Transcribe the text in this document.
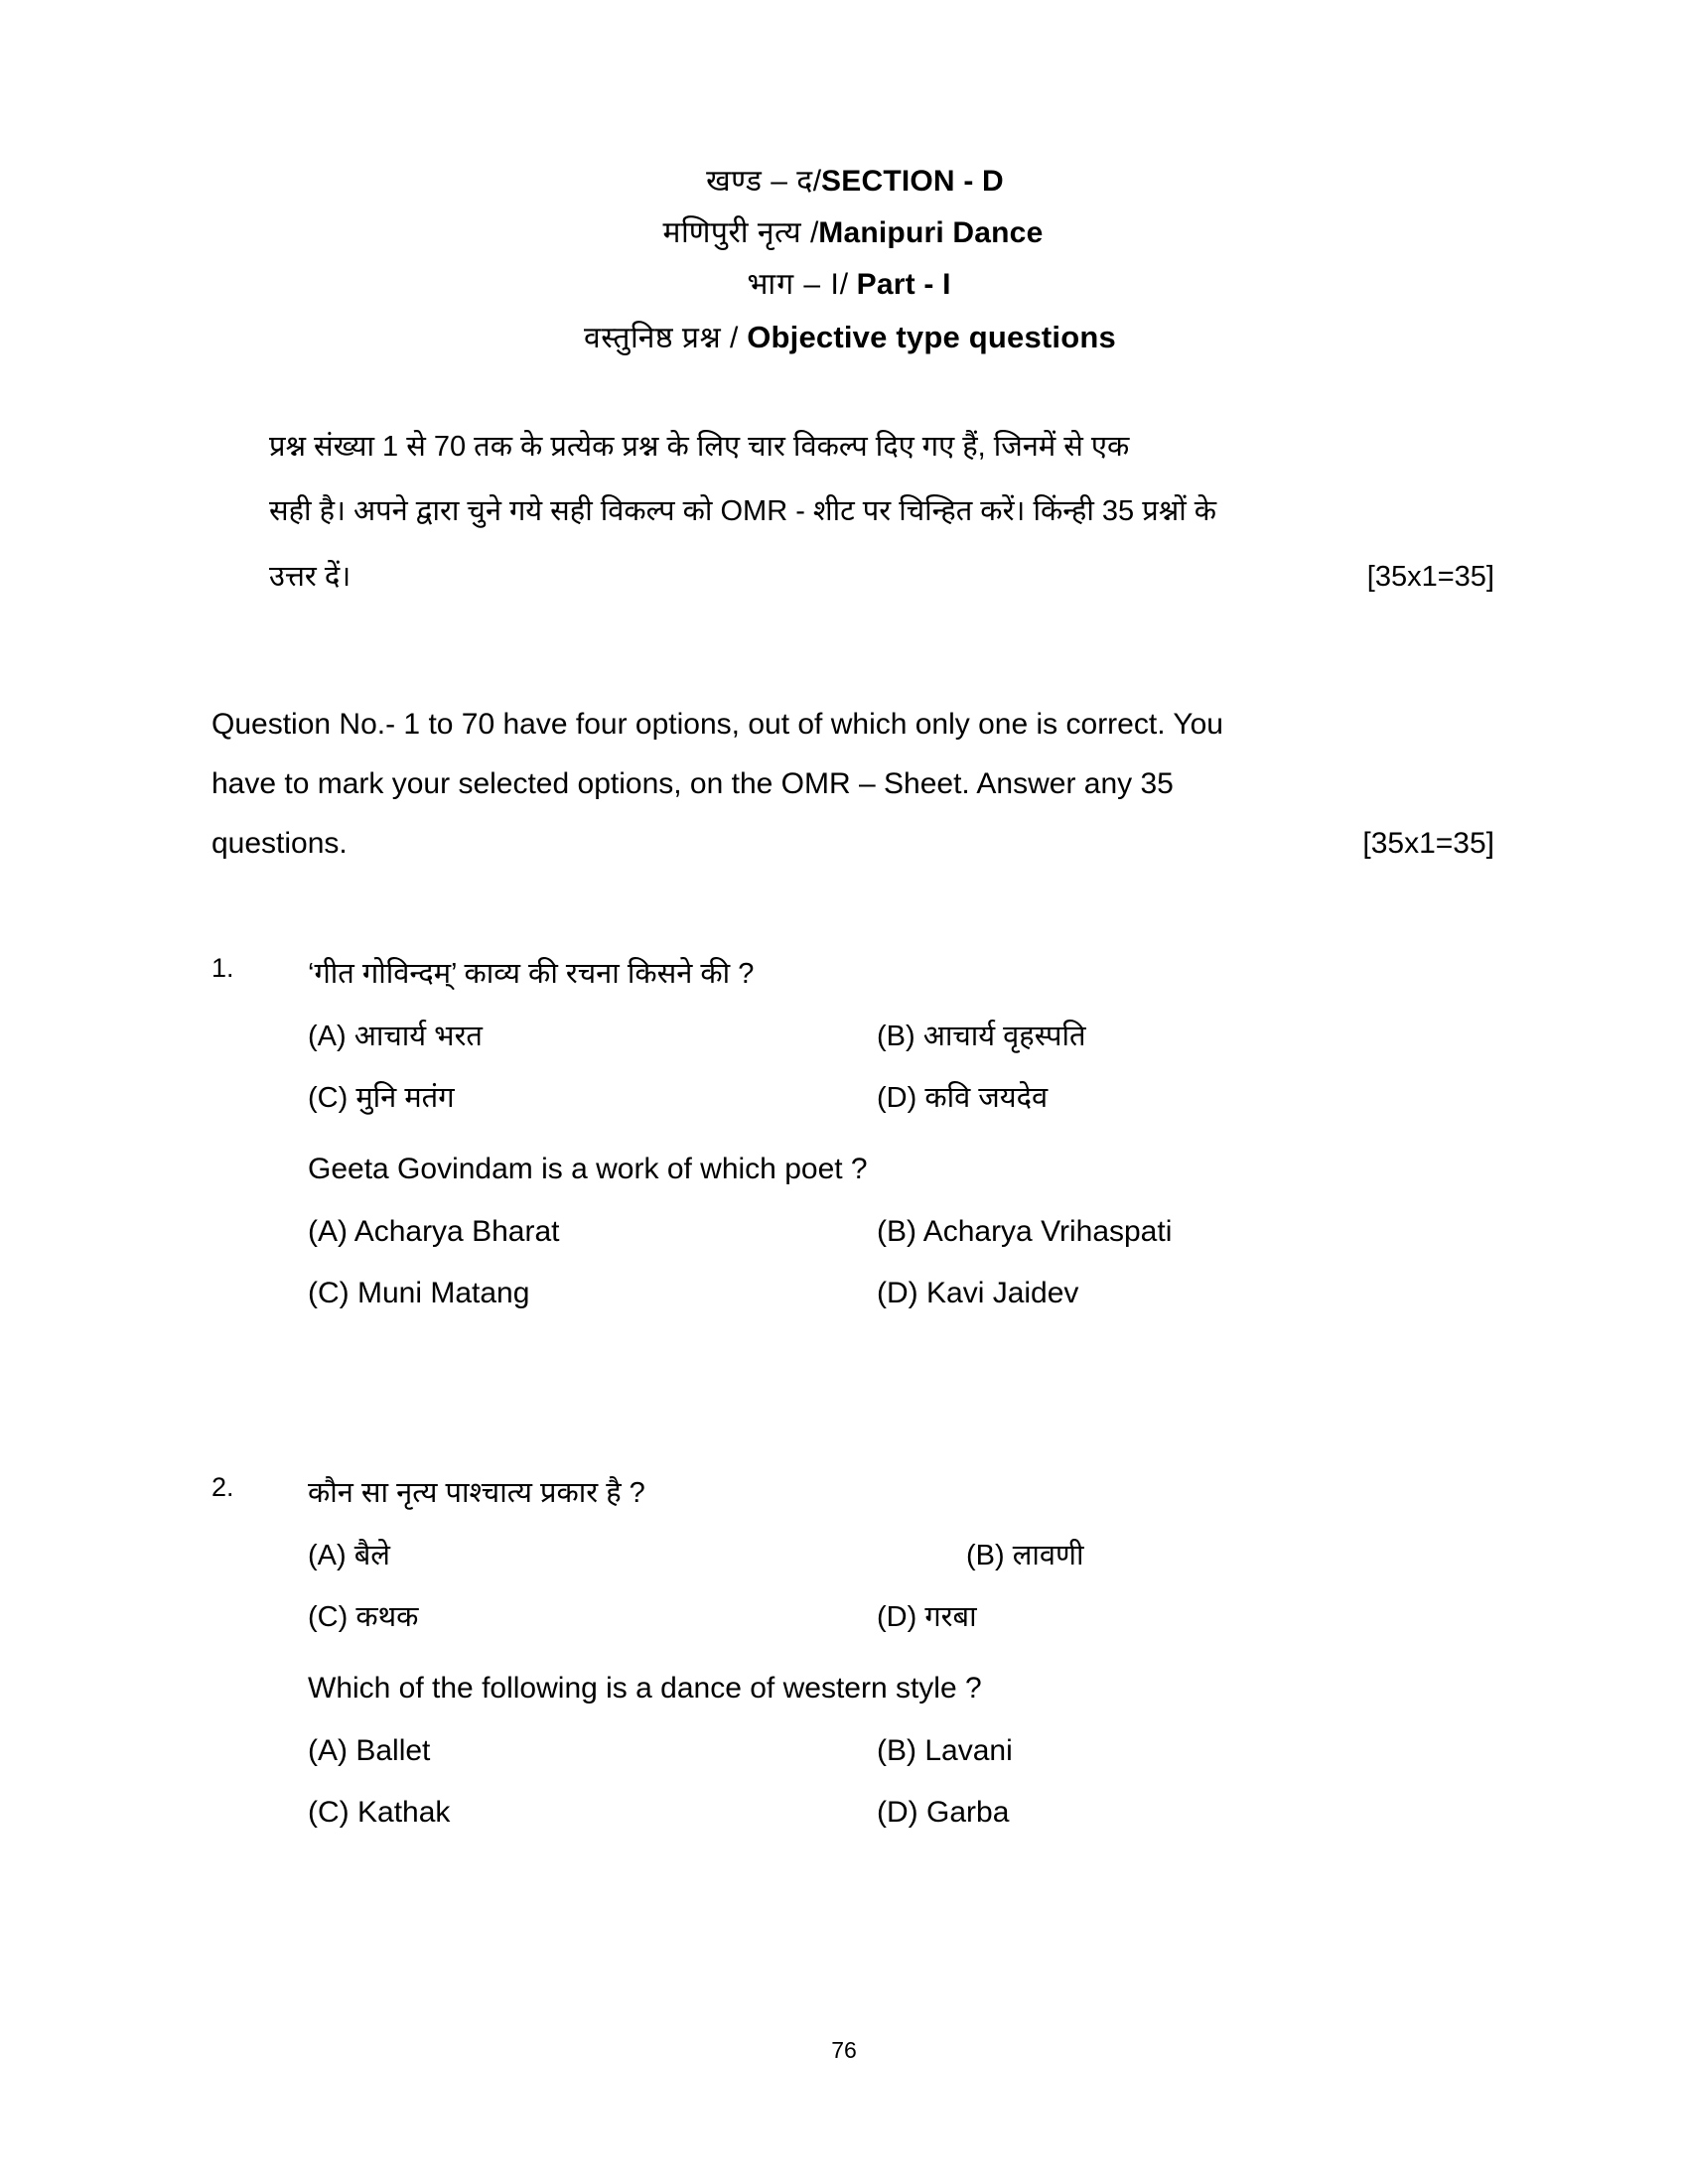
खण्ड – द/SECTION - D
मणिपुरी नृत्य /Manipuri Dance
भाग – I/ Part - I
वस्तुनिष्ठ प्रश्न / Objective type questions
प्रश्न संख्या 1 से 70 तक के प्रत्येक प्रश्न के लिए चार विकल्प दिए गए हैं, जिनमें से एक
सही है। अपने द्वारा चुने गये सही विकल्प को OMR - शीट पर चिन्हित करें। किंन्ही 35 प्रश्नों के
उत्तर दें।	[35x1=35]
Question No.- 1 to 70 have four options, out of which only one is correct. You
have to mark your selected options, on the OMR – Sheet. Answer any 35
questions.	[35x1=35]
1.	‘गीत गोविन्दम्’ काव्य की रचना किसने की ?
(A) आचार्य भरत	(B) आचार्य वृहस्पति
(C) मुनि मतंग	(D) कवि जयदेव
Geeta Govindam is a work of which poet ?
(A) Acharya Bharat	(B) Acharya Vrihaspati
(C) Muni Matang	(D) Kavi Jaidev
2.	कौन सा नृत्य पाश्चात्य प्रकार है ?
(A) बैले	(B) लावणी
(C) कथक	(D) गरबा
Which of the following is a dance of western style ?
(A) Ballet	(B) Lavani
(C) Kathak	(D) Garba
76
